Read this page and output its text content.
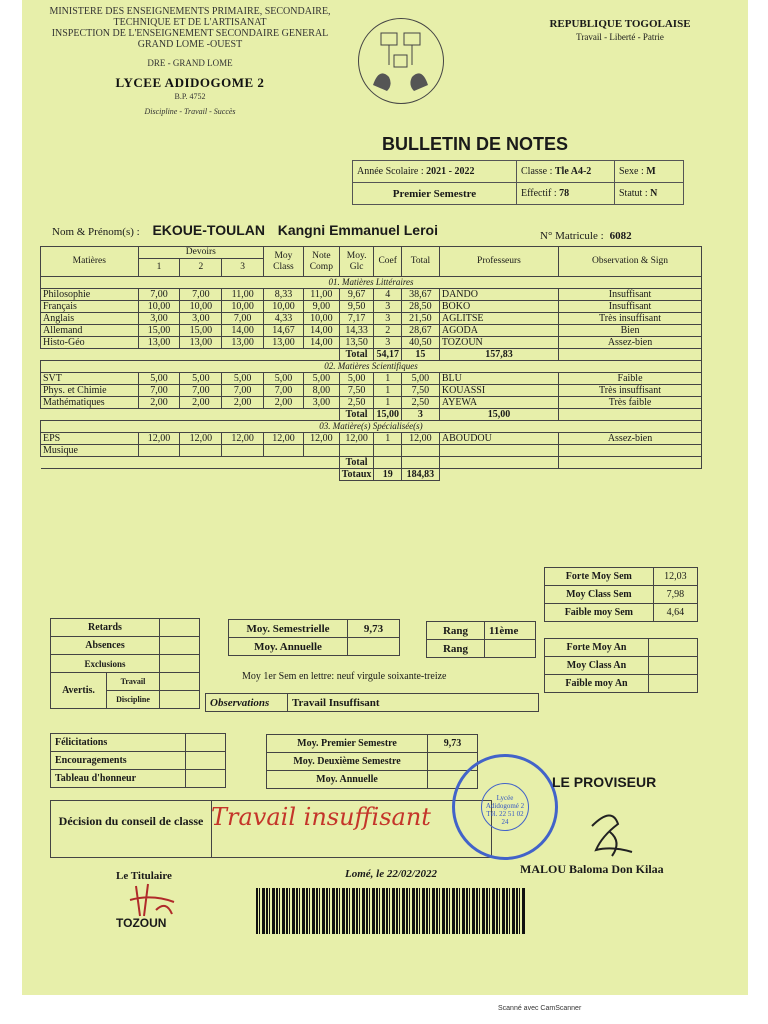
MINISTERE DES ENSEIGNEMENTS PRIMAIRE, SECONDAIRE,
TECHNIQUE ET DE L'ARTISANAT
INSPECTION DE L'ENSEIGNEMENT SECONDAIRE GENERAL
GRAND LOME -OUEST
DRE - GRAND LOME
LYCEE ADIDOGOME 2
B.P. 4752
Discipline - Travail - Succès
REPUBLIQUE TOGOLAISE
Travail - Liberté - Patrie
BULLETIN DE NOTES
Année Scolaire : 2021 - 2022	Classe : Tle A4-2	Sexe : M
Premier Semestre	Effectif : 78	Statut : N
Nom & Prénom(s) : EKOUE-TOULAN Kangni Emmanuel Leroi	N° Matricule : 6082
Matières	Devoirs			Moy Class	Note Comp	Moy. Glc	Coef	Total	Professeurs	Observation & Sign
	1	2	3							
01. Matières Littéraires										
Philosophie	7,00	7,00	11,00	8,33	11,00	9,67	4	38,67	DANDO	Insuffisant
Français	10,00	10,00	10,00	10,00	9,00	9,50	3	28,50	BOKO	Insuffisant
Anglais	3,00	3,00	7,00	4,33	10,00	7,17	3	21,50	AGLITSE	Très insuffisant
Allemand	15,00	15,00	14,00	14,67	14,00	14,33	2	28,67	AGODA	Bien
Histo-Géo	13,00	13,00	13,00	13,00	14,00	13,50	3	40,50	TOZOUN	Assez-bien
						Total	54,17	15	157,83	
02. Matières Scientifiques										
SVT	5,00	5,00	5,00	5,00	5,00	5,00	1	5,00	BLU	Faible
Phys. et Chimie	7,00	7,00	7,00	7,00	8,00	7,50	1	7,50	KOUASSI	Très insuffisant
Mathématiques	2,00	2,00	2,00	2,00	3,00	2,50	1	2,50	AYEWA	Très faible
						Total	15,00	3	15,00	
03. Matière(s) Spécialisée(s)										
EPS	12,00	12,00	12,00	12,00	12,00	12,00	1	12,00	ABOUDOU	Assez-bien
Musique										
						Total				
						Totaux	19	184,83		
Forte Moy Sem	12,03
Moy Class Sem	7,98
Faible moy Sem	4,64
Forte Moy An	
Moy Class An	
Faible moy An	
Retards		
Absences		
Exclusions		
Avertis.	Travail	
	Discipline	
Moy. Semestrielle	9,73
Moy. Annuelle	
Rang	11ème
Rang	
Moy 1er Sem en lettre: neuf virgule soixante-treize
Observations	Travail Insuffisant
Félicitations	
Encouragements	
Tableau d'honneur	
Moy. Premier Semestre	9,73
Moy. Deuxième Semestre	
Moy. Annuelle	
Décision du conseil de classe Travail insuffisant
Lycée
Adidogomé 2
Tél. 22 51 02 24
LE PROVISEUR
MALOU Baloma Don Kilaa
Le Titulaire
TOZOUN
Lomé, le 22/02/2022
Scanné avec CamScanner
